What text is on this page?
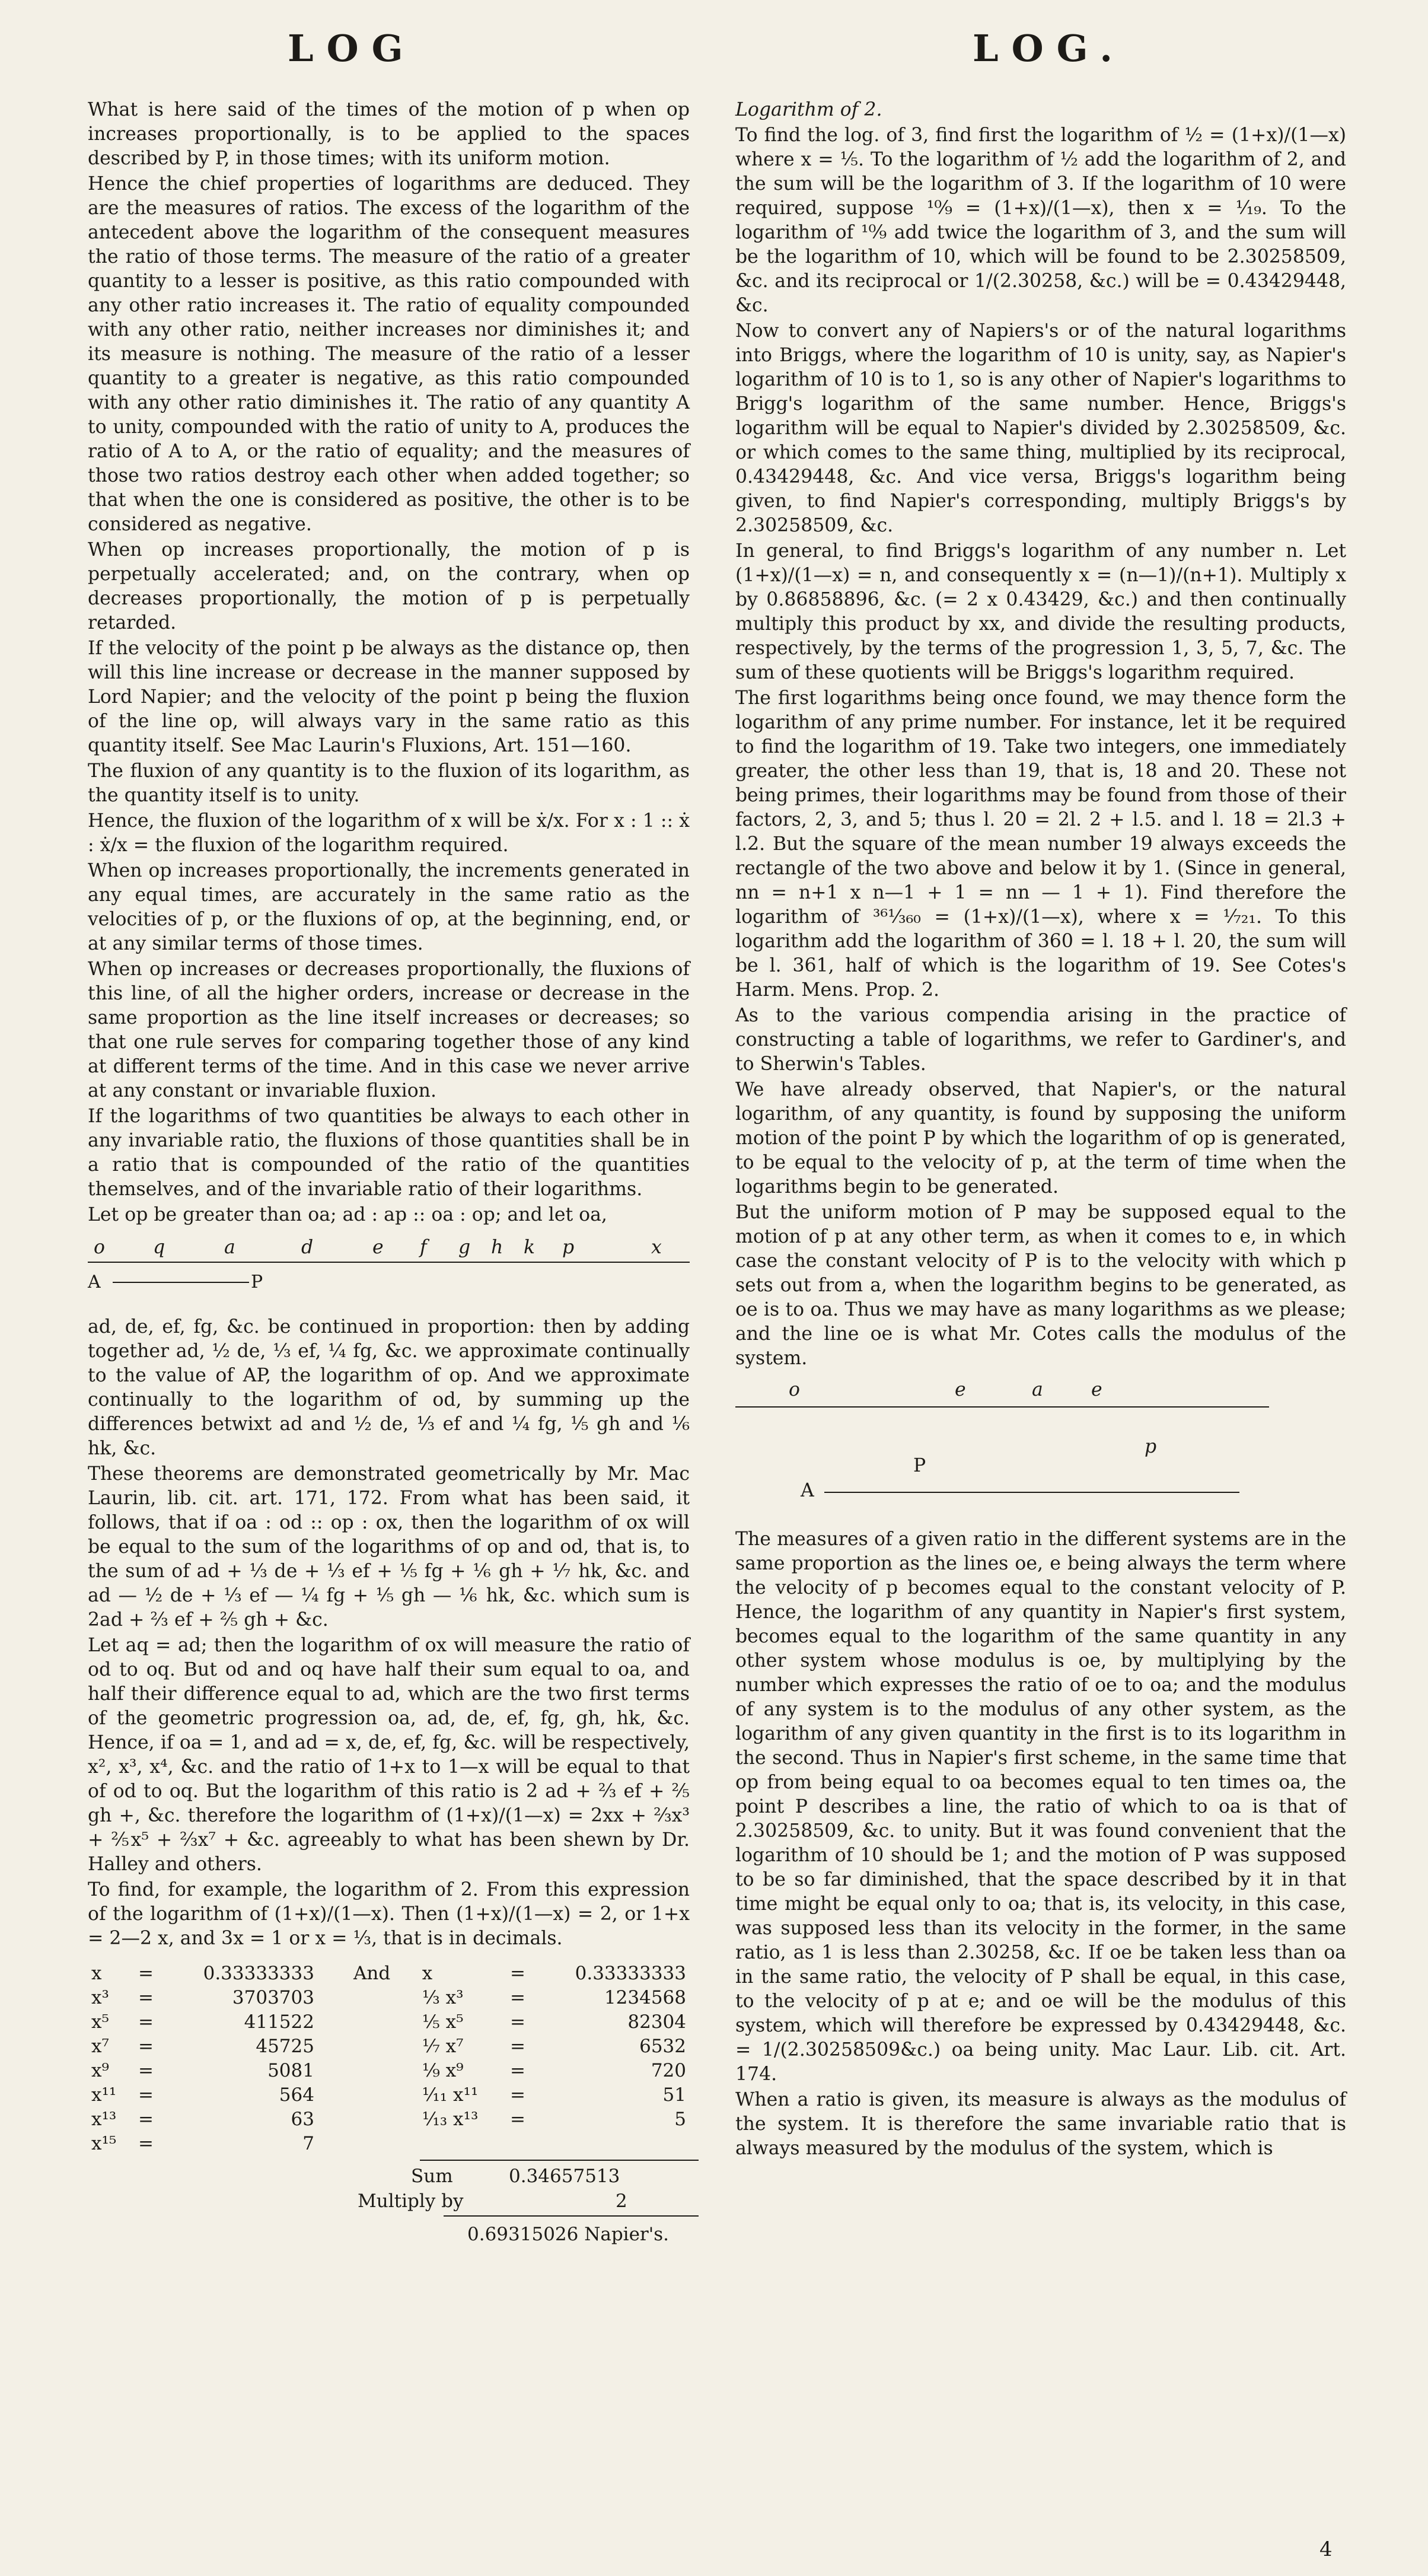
LOG	LOG.

What is here said of the times of the motion of p when op increases proportionally, is to be applied to the spaces described by P, in those times; with its uniform motion.

Hence the chief properties of logarithms are deduced. They are the measures of ratios. The excess of the logarithm of the antecedent above the logarithm of the consequent measures the ratio of those terms. The measure of the ratio of a greater quantity to a lesser is positive, as this ratio compounded with any other ratio increases it. The ratio of equality compounded with any other ratio, neither increases nor diminishes it; and its measure is nothing. The measure of the ratio of a lesser quantity to a greater is negative, as this ratio compounded with any other ratio diminishes it. The ratio of any quantity A to unity, compounded with the ratio of unity to A, produces the ratio of A to A, or the ratio of equality; and the measures of those two ratios destroy each other when added together; so that when the one is considered as positive, the other is to be considered as negative.

When op increases proportionally, the motion of p is perpetually accelerated; and, on the contrary, when op decreases proportionally, the motion of p is perpetually retarded.

If the velocity of the point p be always as the distance op, then will this line increase or decrease in the manner supposed by Lord Napier; and the velocity of the point p being the fluxion of the line op, will always vary in the same ratio as this quantity itself. See Mac Laurin's Fluxions, Art. 151—160.

The fluxion of any quantity is to the fluxion of its logarithm, as the quantity itself is to unity.

Hence, the fluxion of the logarithm of x will be ẋ/x. For x : 1 :: ẋ : ẋ/x = the fluxion of the logarithm required.

When op increases proportionally, the increments generated in any equal times, are accurately in the same ratio as the velocities of p, or the fluxions of op, at the beginning, end, or at any similar terms of those times.

When op increases or decreases proportionally, the fluxions of this line, of all the higher orders, increase or decrease in the same proportion as the line itself increases or decreases; so that one rule serves for comparing together those of any kind at different terms of the time. And in this case we never arrive at any constant or invariable fluxion.

If the logarithms of two quantities be always to each other in any invariable ratio, the fluxions of those quantities shall be in a ratio that is compounded of the ratio of the quantities themselves, and of the invariable ratio of their logarithms.

Let op be greater than oa; ad : ap :: oa : op; and let oa,

o	q	a	d	e f g h k p	x
A	P

ad, de, ef, fg, &c. be continued in proportion: then by adding together ad, ½ de, ⅓ ef, ¼ fg, &c. we approximate continually to the value of AP, the logarithm of op. And we approximate continually to the logarithm of od, by summing up the differences betwixt ad and ½ de, ⅓ ef and ¼ fg, ⅕ gh and ⅙ hk, &c.

These theorems are demonstrated geometrically by Mr. Mac Laurin, lib. cit. art. 171, 172. From what has been said, it follows, that if oa : od :: op : ox, then the logarithm of ox will be equal to the sum of the logarithms of op and od, that is, to the sum of ad + ⅓ de + ⅓ ef + ⅕ fg + ⅙ gh + ⅐ hk, &c. and ad — ½ de + ⅓ ef — ¼ fg + ⅕ gh — ⅙ hk, &c. which sum is 2ad + ⅔ ef + ⅖ gh + &c.

Let aq = ad; then the logarithm of ox will measure the ratio of od to oq. But od and oq have half their sum equal to oa, and half their difference equal to ad, which are the two first terms of the geometric progression oa, ad, de, ef, fg, gh, hk, &c. Hence, if oa = 1, and ad = x, de, ef, fg, &c. will be respectively, x², x³, x⁴, &c. and the ratio of 1+x to 1—x will be equal to that of od to oq. But the logarithm of this ratio is 2 ad + ⅔ ef + ⅖ gh +, &c. therefore the logarithm of (1+x)/(1—x) = 2xx + ⅔x³ + ⅖x⁵ + ⅔x⁷ + &c. agreeably to what has been shewn by Dr. Halley and others.

To find, for example, the logarithm of 2. From this expression of the logarithm of (1+x)/(1—x). Then (1+x)/(1—x) = 2, or 1+x = 2—2 x, and 3x = 1 or x = ⅓, that is in decimals.

x	=	0.33333333	And	x	=	0.33333333
x³	=	3703703		⅓ x³	=	1234568
x⁵	=	411522		⅕ x⁵	=	82304
x⁷	=	45725		⅐ x⁷	=	6532
x⁹	=	5081		⅑ x⁹	=	720
x¹¹	=	564		¹⁄₁₁ x¹¹	=	51
x¹³	=	63		¹⁄₁₃ x¹³	=	5
x¹⁵	=	7				
Sum	0.34657513
Multiply by	2
0.69315026 Napier's.

Logarithm of 2.

To find the log. of 3, find first the logarithm of ½ = (1+x)/(1—x) where x = ⅕. To the logarithm of ½ add the logarithm of 2, and the sum will be the logarithm of 3. If the logarithm of 10 were required, suppose ¹⁰⁄₉ = (1+x)/(1—x), then x = ¹⁄₁₉. To the logarithm of ¹⁰⁄₉ add twice the logarithm of 3, and the sum will be the logarithm of 10, which will be found to be 2.30258509, &c. and its reciprocal or 1/(2.30258, &c.) will be = 0.43429448, &c.

Now to convert any of Napiers's or of the natural logarithms into Briggs, where the logarithm of 10 is unity, say, as Napier's logarithm of 10 is to 1, so is any other of Napier's logarithms to Brigg's logarithm of the same number. Hence, Briggs's logarithm will be equal to Napier's divided by 2.30258509, &c. or which comes to the same thing, multiplied by its reciprocal, 0.43429448, &c. And vice versa, Briggs's logarithm being given, to find Napier's corresponding, multiply Briggs's by 2.30258509, &c.

In general, to find Briggs's logarithm of any number n. Let (1+x)/(1—x) = n, and consequently x = (n—1)/(n+1). Multiply x by 0.86858896, &c. (= 2 x 0.43429, &c.) and then continually multiply this product by xx, and divide the resulting products, respectively, by the terms of the progression 1, 3, 5, 7, &c. The sum of these quotients will be Briggs's logarithm required.

The first logarithms being once found, we may thence form the logarithm of any prime number. For instance, let it be required to find the logarithm of 19. Take two integers, one immediately greater, the other less than 19, that is, 18 and 20. These not being primes, their logarithms may be found from those of their factors, 2, 3, and 5; thus l. 20 = 2l. 2 + l.5. and l. 18 = 2l.3 + l.2. But the square of the mean number 19 always exceeds the rectangle of the two above and below it by 1. (Since in general, nn = n+1 x n—1 + 1 = nn — 1 + 1). Find therefore the logarithm of ³⁶¹⁄₃₆₀ = (1+x)/(1—x), where x = ¹⁄₇₂₁. To this logarithm add the logarithm of 360 = l. 18 + l. 20, the sum will be l. 361, half of which is the logarithm of 19. See Cotes's Harm. Mens. Prop. 2.

As to the various compendia arising in the practice of constructing a table of logarithms, we refer to Gardiner's, and to Sherwin's Tables.

We have already observed, that Napier's, or the natural logarithm, of any quantity, is found by supposing the uniform motion of the point P by which the logarithm of op is generated, to be equal to the velocity of p, at the term of time when the logarithms begin to be generated.

But the uniform motion of P may be supposed equal to the motion of p at any other term, as when it comes to e, in which case the constant velocity of P is to the velocity with which p sets out from a, when the logarithm begins to be generated, as oe is to oa. Thus we may have as many logarithms as we please; and the line oe is what Mr. Cotes calls the modulus of the system.

o	e	a	e
p
P
A

The measures of a given ratio in the different systems are in the same proportion as the lines oe, e being always the term where the velocity of p becomes equal to the constant velocity of P. Hence, the logarithm of any quantity in Napier's first system, becomes equal to the logarithm of the same quantity in any other system whose modulus is oe, by multiplying by the number which expresses the ratio of oe to oa; and the modulus of any system is to the modulus of any other system, as the logarithm of any given quantity in the first is to its logarithm in the second. Thus in Napier's first scheme, in the same time that op from being equal to oa becomes equal to ten times oa, the point P describes a line, the ratio of which to oa is that of 2.30258509, &c. to unity. But it was found convenient that the logarithm of 10 should be 1; and the motion of P was supposed to be so far diminished, that the space described by it in that time might be equal only to oa; that is, its velocity, in this case, was supposed less than its velocity in the former, in the same ratio, as 1 is less than 2.30258, &c. If oe be taken less than oa in the same ratio, the velocity of P shall be equal, in this case, to the velocity of p at e; and oe will be the modulus of this system, which will therefore be expressed by 0.43429448, &c. = 1/(2.30258509&c.) oa being unity. Mac Laur. Lib. cit. Art. 174.

When a ratio is given, its measure is always as the modulus of the system. It is therefore the same invariable ratio that is always measured by the modulus of the system, which is

4
